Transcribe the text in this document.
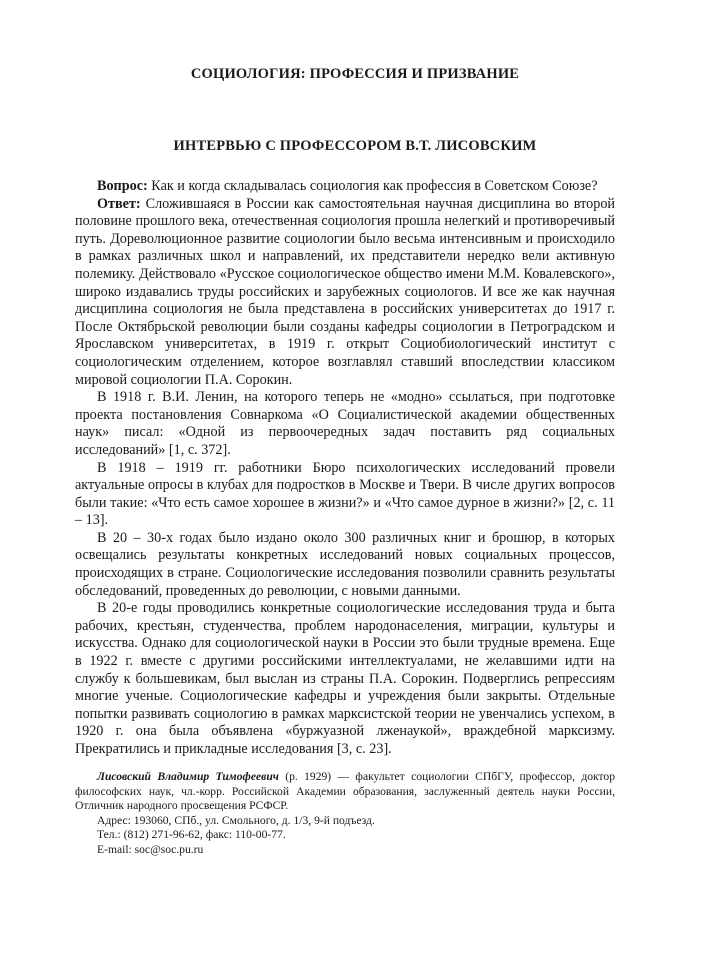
СОЦИОЛОГИЯ: ПРОФЕССИЯ И ПРИЗВАНИЕ
ИНТЕРВЬЮ С ПРОФЕССОРОМ В.Т. ЛИСОВСКИМ

Вопрос: Как и когда складывалась социология как профессия в Советском Союзе?

Ответ: Сложившаяся в России как самостоятельная научная дисциплина во второй половине прошлого века, отечественная социология прошла нелегкий и противоречивый путь. Дореволюционное развитие социологии было весьма интенсивным и происходило в рамках различных школ и направлений, их представители нередко вели активную полемику. Действовало «Русское социологическое общество имени М.М. Ковалевского», широко издавались труды российских и зарубежных социологов. И все же как научная дисциплина социология не была представлена в российских университетах до 1917 г. После Октябрьской революции были созданы кафедры социологии в Петроградском и Ярославском университетах, в 1919 г. открыт Социобиологический институт с социологическим отделением, которое возглавлял ставший впоследствии классиком мировой социологии П.А. Сорокин.

В 1918 г. В.И. Ленин, на которого теперь не «модно» ссылаться, при подготовке проекта постановления Совнаркома «О Социалистической академии общественных наук» писал: «Одной из первоочередных задач поставить ряд социальных исследований» [1, с. 372].

В 1918 – 1919 гг. работники Бюро психологических исследований провели актуальные опросы в клубах для подростков в Москве и Твери. В числе других вопросов были такие: «Что есть самое хорошее в жизни?» и «Что самое дурное в жизни?» [2, с. 11 – 13].

В 20 – 30-х годах было издано около 300 различных книг и брошюр, в которых освещались результаты конкретных исследований новых социальных процессов, происходящих в стране. Социологические исследования позволили сравнить результаты обследований, проведенных до революции, с новыми данными.

В 20-е годы проводились конкретные социологические исследования труда и быта рабочих, крестьян, студенчества, проблем народонаселения, миграции, культуры и искусства. Однако для социологической науки в России это были трудные времена. Еще в 1922 г. вместе с другими российскими интеллектуалами, не желавшими идти на службу к большевикам, был выслан из страны П.А. Сорокин. Подверглись репрессиям многие ученые. Социологические кафедры и учреждения были закрыты. Отдельные попытки развивать социологию в рамках марксистской теории не увенчались успехом, в 1920 г. она была объявлена «буржуазной лженаукой», враждебной марксизму. Прекратились и прикладные исследования [3, с. 23].

Лисовский Владимир Тимофеевич (р. 1929) — факультет социологии СПбГУ, профессор, доктор философских наук, чл.-корр. Российской Академии образования, заслуженный деятель науки России, Отличник народного просвещения РСФСР.

Адрес: 193060, СПб., ул. Смольного, д. 1/3, 9-й подъезд.

Тел.: (812) 271-96-62, факс: 110-00-77.

E-mail: soc@soc.pu.ru
